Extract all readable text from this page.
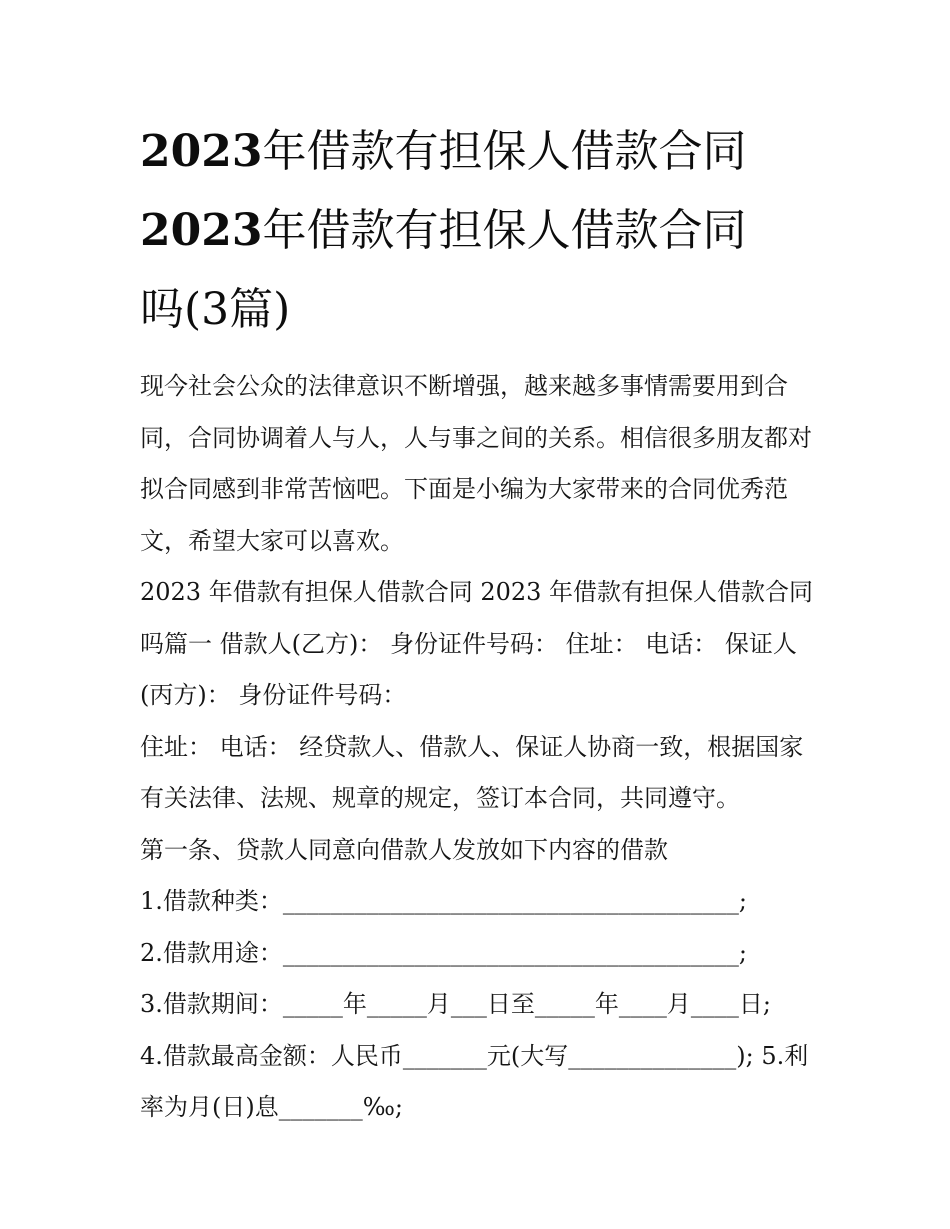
2023年借款有担保人借款合同
2023年借款有担保人借款合同
吗(3篇)

现今社会公众的法律意识不断增强，越来越多事情需要用到合同，合同协调着人与人，人与事之间的关系。相信很多朋友都对拟合同感到非常苦恼吧。下面是小编为大家带来的合同优秀范文，希望大家可以喜欢。

2023 年借款有担保人借款合同 2023 年借款有担保人借款合同吗篇一 借款人(乙方)： 身份证件号码： 住址： 电话： 保证人(丙方)： 身份证件号码：

住址： 电话： 经贷款人、借款人、保证人协商一致，根据国家有关法律、法规、规章的规定，签订本合同，共同遵守。

第一条、贷款人同意向借款人发放如下内容的借款

1.借款种类：______________________________________;

2.借款用途：______________________________________;

3.借款期间：_____年_____月___日至_____年____月____日;

4.借款最高金额：人民币_______元(大写______________); 5.利率为月(日)息_______‰;
